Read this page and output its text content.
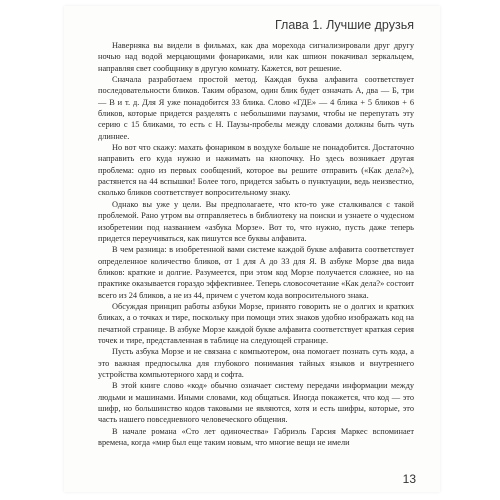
Глава 1. Лучшие друзья

Наверняка вы видели в фильмах, как два морехода сигнализировали друг другу ночью над водой мерцающими фонариками, или как шпион покачивал зеркальцем, направляя свет сообщнику в другую комнату. Кажется, вот решение.

Сначала разработаем простой метод. Каждая буква алфавита соответствует последовательности бликов. Таким образом, один блик будет означать А, два — Б, три — В и т. д. Для Я уже понадобится 33 блика. Слово «ГДЕ» — 4 блика + 5 бликов + 6 бликов, которые придется разделять с небольшими паузами, чтобы не перепутать эту серию с 15 бликами, то есть с Н. Паузы-пробелы между словами должны быть чуть длиннее.

Но вот что скажу: махать фонариком в воздухе больше не понадобится. Достаточно направить его куда нужно и нажимать на кнопочку. Но здесь возникает другая проблема: одно из первых сообщений, которое вы решите отправить («Как дела?»), растянется на 44 вспышки! Более того, придется забыть о пунктуации, ведь неизвестно, сколько бликов соответствует вопросительному знаку.

Однако вы уже у цели. Вы предполагаете, что кто-то уже сталкивался с такой проблемой. Рано утром вы отправляетесь в библиотеку на поиски и узнаете о чудесном изобретении под названием «азбука Морзе». Вот то, что нужно, пусть даже теперь придется переучиваться, как пишутся все буквы алфавита.

В чем разница: в изобретенной вами системе каждой букве алфавита соответствует определенное количество бликов, от 1 для А до 33 для Я. В азбуке Морзе два вида бликов: краткие и долгие. Разумеется, при этом код Морзе получается сложнее, но на практике оказывается гораздо эффективнее. Теперь словосочетание «Как дела?» состоит всего из 24 бликов, а не из 44, причем с учетом кода вопросительного знака.

Обсуждая принцип работы азбуки Морзе, принято говорить не о долгих и кратких бликах, а о точках и тире, поскольку при помощи этих знаков удобно изображать код на печатной странице. В азбуке Морзе каждой букве алфавита соответствует краткая серия точек и тире, представленная в таблице на следующей странице.

Пусть азбука Морзе и не связана с компьютером, она помогает познать суть кода, а это важная предпосылка для глубокого понимания тайных языков и внутреннего устройства компьютерного хард и софта.

В этой книге слово «код» обычно означает систему передачи информации между людьми и машинами. Иными словами, код общаться. Иногда покажется, что код — это шифр, но большинство кодов таковыми не являются, хотя и есть шифры, которые, это часть нашего повседневного человеческого общения.

В начале романа «Сто лет одиночества» Габриэль Гарсия Маркес вспоминает времена, когда «мир был еще таким новым, что многие вещи не имели

13
